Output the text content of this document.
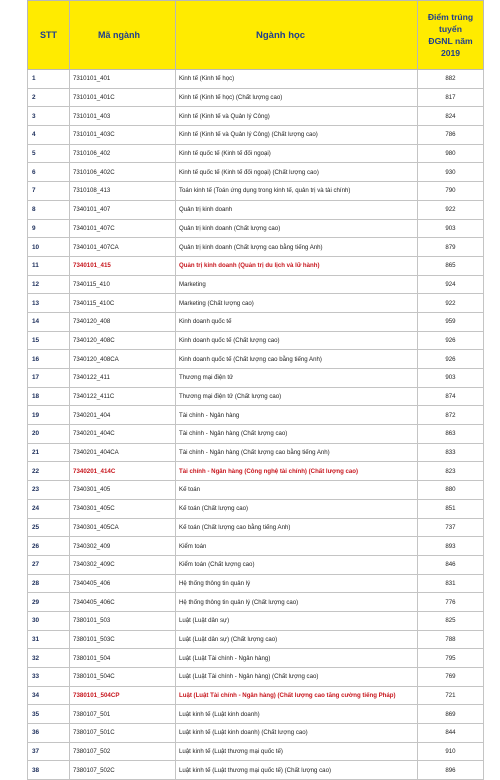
STT	Mã ngành	Ngành học	Điểm trúng tuyển
ĐGNL năm 2019

1	7310101_401	Kinh tế (Kinh tế học)	882
2	7310101_401C	Kinh tế (Kinh tế học) (Chất lượng cao)	817
3	7310101_403	Kinh tế (Kinh tế và Quản lý Công)	824
4	7310101_403C	Kinh tế (Kinh tế và Quản lý Công) (Chất lượng cao)	786
5	7310106_402	Kinh tế quốc tế (Kinh tế đối ngoại)	980
6	7310106_402C	Kinh tế quốc tế (Kinh tế đối ngoại) (Chất lượng cao)	930
7	7310108_413	Toán kinh tế (Toán ứng dụng trong kinh tế, quản trị và tài chính)	790
8	7340101_407	Quản trị kinh doanh	922
9	7340101_407C	Quản trị kinh doanh (Chất lượng cao)	903
10	7340101_407CA	Quản trị kinh doanh (Chất lượng cao bằng tiếng Anh)	879
11	7340101_415	Quản trị kinh doanh (Quản trị du lịch và lữ hành)	865
12	7340115_410	Marketing	924
13	7340115_410C	Marketing (Chất lượng cao)	922
14	7340120_408	Kinh doanh quốc tế	959
15	7340120_408C	Kinh doanh quốc tế (Chất lượng cao)	926
16	7340120_408CA	Kinh doanh quốc tế (Chất lượng cao bằng tiếng Anh)	926
17	7340122_411	Thương mại điện tử	903
18	7340122_411C	Thương mại điện tử (Chất lượng cao)	874
19	7340201_404	Tài chính - Ngân hàng	872
20	7340201_404C	Tài chính - Ngân hàng (Chất lượng cao)	863
21	7340201_404CA	Tài chính - Ngân hàng (Chất lượng cao bằng tiếng Anh)	833
22	7340201_414C	Tài chính - Ngân hàng (Công nghệ tài chính) (Chất lượng cao)	823
23	7340301_405	Kế toán	880
24	7340301_405C	Kế toán (Chất lượng cao)	851
25	7340301_405CA	Kế toán (Chất lượng cao bằng tiếng Anh)	737
26	7340302_409	Kiểm toán	893
27	7340302_409C	Kiểm toán (Chất lượng cao)	846
28	7340405_406	Hệ thống thông tin quản lý	831
29	7340405_406C	Hệ thống thông tin quản lý (Chất lượng cao)	776
30	7380101_503	Luật (Luật dân sự)	825
31	7380101_503C	Luật (Luật dân sự) (Chất lượng cao)	788
32	7380101_504	Luật (Luật Tài chính - Ngân hàng)	795
33	7380101_504C	Luật (Luật Tài chính - Ngân hàng) (Chất lượng cao)	769
34	7380101_504CP	Luật (Luật Tài chính - Ngân hàng) (Chất lượng cao tăng cường tiếng Pháp)	721
35	7380107_501	Luật kinh tế (Luật kinh doanh)	869
36	7380107_501C	Luật kinh tế (Luật kinh doanh) (Chất lượng cao)	844
37	7380107_502	Luật kinh tế (Luật thương mại quốc tế)	910
38	7380107_502C	Luật kinh tế (Luật thương mại quốc tế) (Chất lượng cao)	896
